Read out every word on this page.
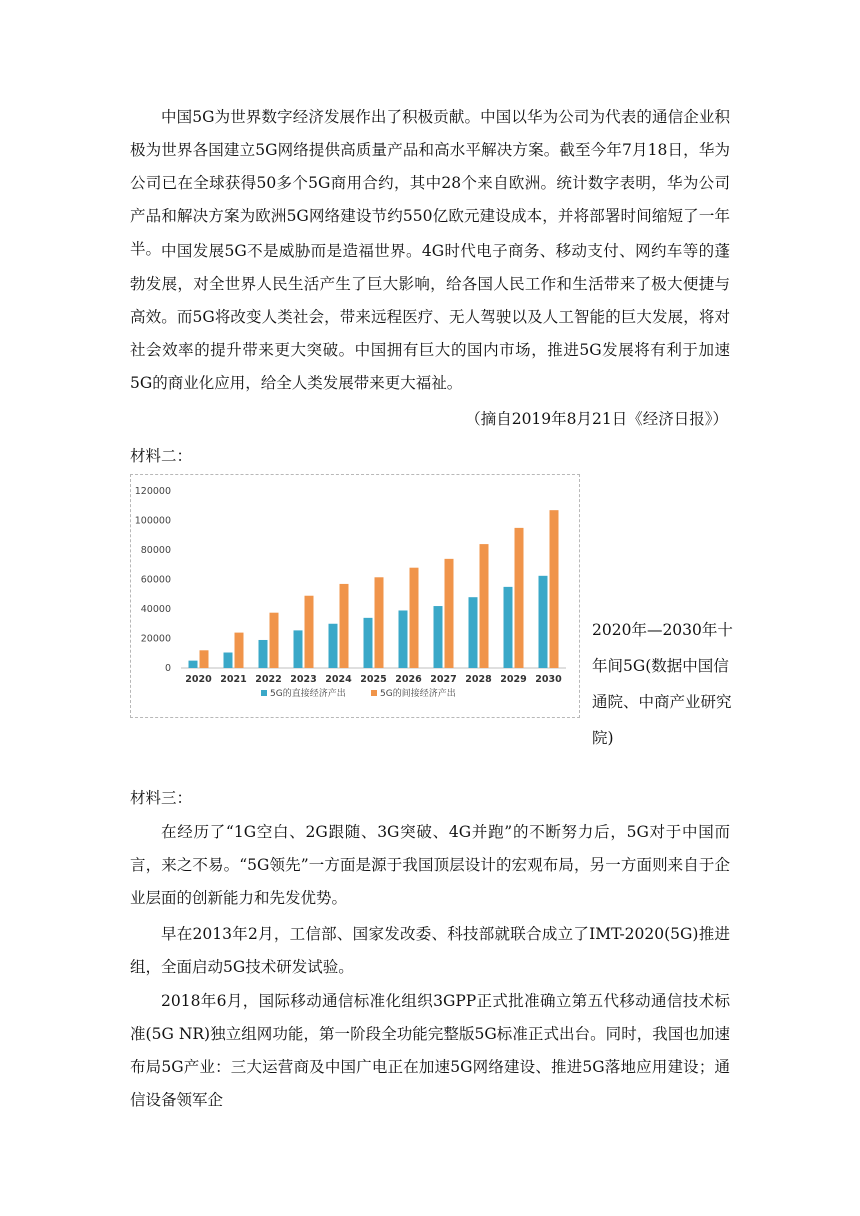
中国5G为世界数字经济发展作出了积极贡献。中国以华为公司为代表的通信企业积极为世界各国建立5G网络提供高质量产品和高水平解决方案。截至今年7月18日，华为公司已在全球获得50多个5G商用合约，其中28个来自欧洲。统计数字表明，华为公司产品和解决方案为欧洲5G网络建设节约550亿欧元建设成本，并将部署时间缩短了一年半。 中国发展5G不是威胁而是造福世界。4G时代电子商务、移动支付、网约车等的蓬勃发展，对全世界人民生活产生了巨大影响，给各国人民工作和生活带来了极大便捷与高效。而5G将改变人类社会，带来远程医疗、无人驾驶以及人工智能的巨大发展，将对社会效率的提升带来更大突破。中国拥有巨大的国内市场，推进5G发展将有利于加速5G的商业化应用，给全人类发展带来更大福祉。

（摘自2019年8月21日《经济日报》）

材料二：

0
20000
40000
60000
80000
100000
120000
2020 2021 2022 2023 2024 2025 2026 2027 2028 2029 2030
5G的直接经济产出	5G的间接经济产出

2020年—2030年十年间5G(数据中国信通院、中商产业研究院)

材料三：

在经历了“1G空白、2G跟随、3G突破、4G并跑”的不断努力后，5G对于中国而言，来之不易。“5G领先”一方面是源于我国顶层设计的宏观布局，另一方面则来自于企业层面的创新能力和先发优势。

早在2013年2月，工信部、国家发改委、科技部就联合成立了IMT-2020(5G)推进组，全面启动5G技术研发试验。

2018年6月，国际移动通信标准化组织3GPP正式批准确立第五代移动通信技术标准(5G NR)独立组网功能，第一阶段全功能完整版5G标准正式出台。同时，我国也加速布局5G产业：三大运营商及中国广电正在加速5G网络建设、推进5G落地应用建设；通信设备领军企
